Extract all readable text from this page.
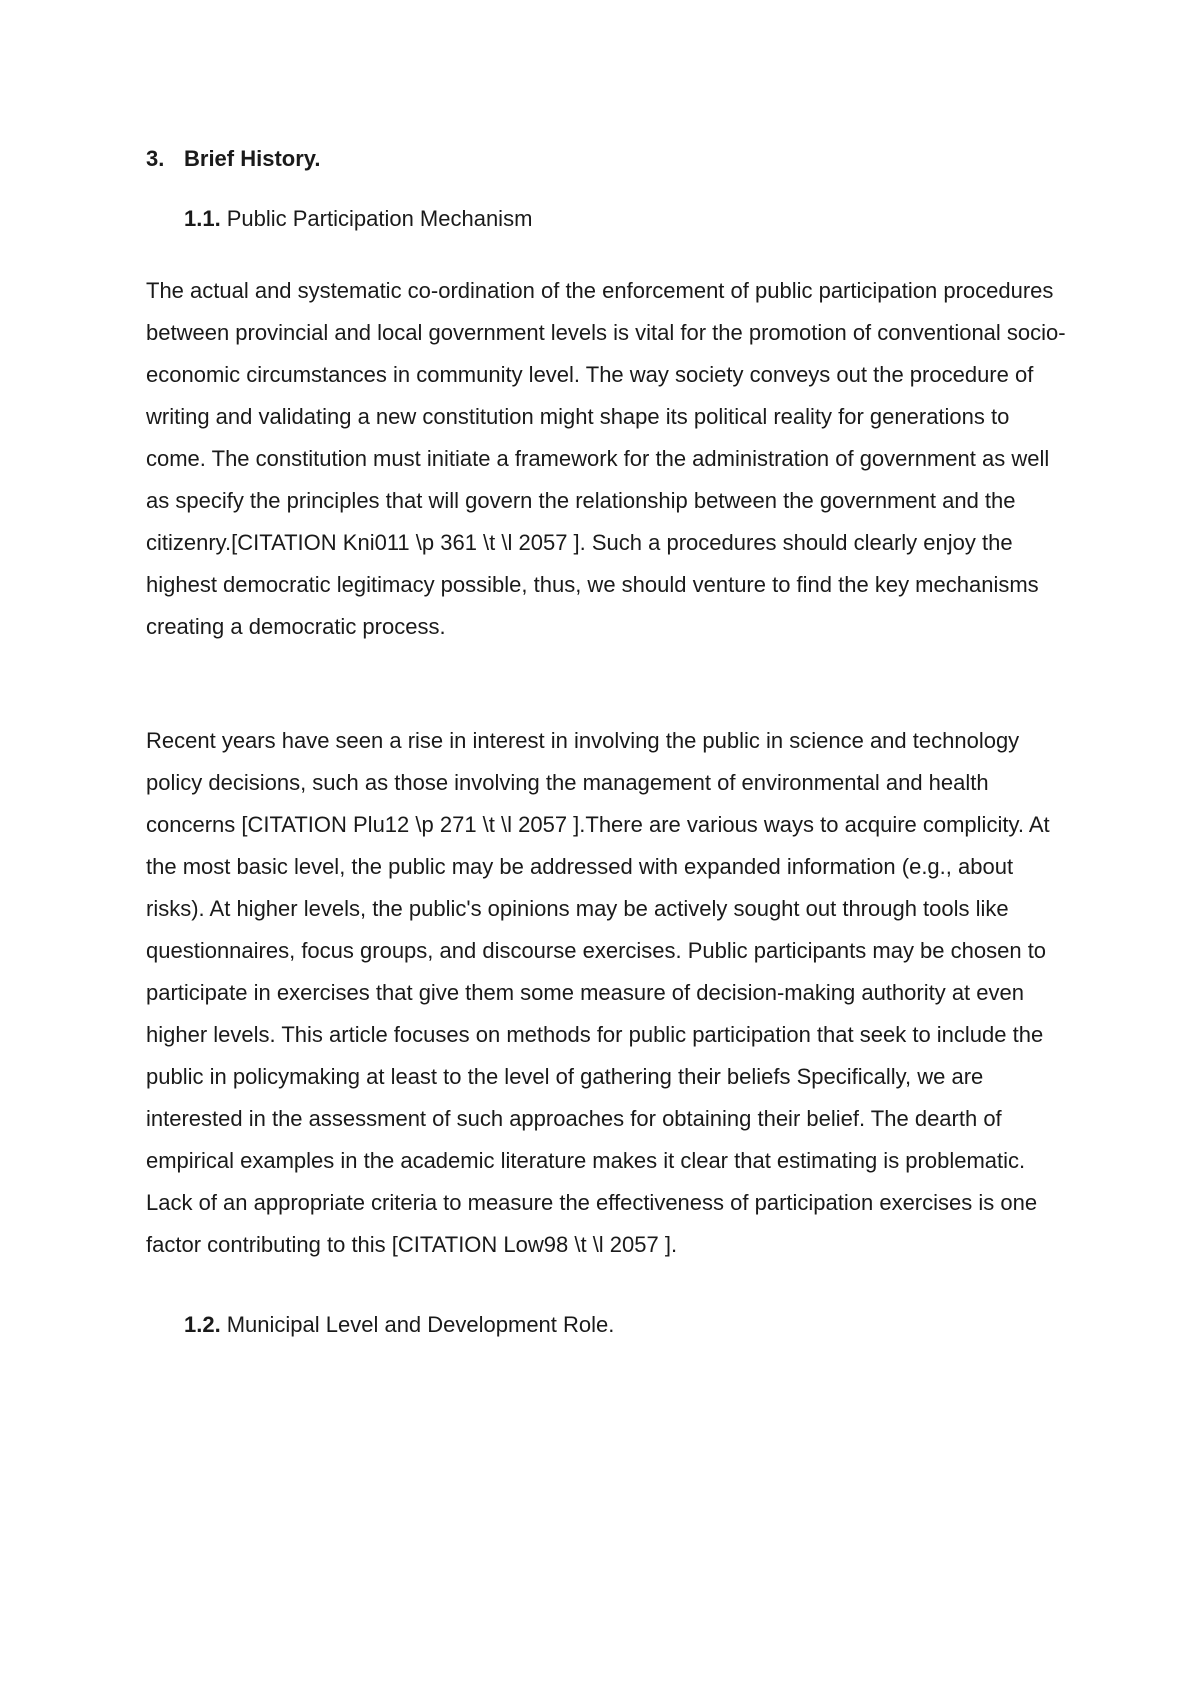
3. Brief History.
1.1. Public Participation Mechanism

The actual and systematic co-ordination of the enforcement of public participation procedures between provincial and local government levels is vital for the promotion of conventional socio-economic circumstances in community level. The way society conveys out the procedure of writing and validating a new constitution might shape its political reality for generations to come. The constitution must initiate a framework for the administration of government as well as specify the principles that will govern the relationship between the government and the citizenry.[CITATION Kni011 \p 361 \t \l 2057 ]. Such a procedures should clearly enjoy the highest democratic legitimacy possible, thus, we should venture to find the key mechanisms creating a democratic process.

Recent years have seen a rise in interest in involving the public in science and technology policy decisions, such as those involving the management of environmental and health concerns [CITATION Plu12 \p 271 \t \l 2057 ].There are various ways to acquire complicity. At the most basic level, the public may be addressed with expanded information (e.g., about risks). At higher levels, the public's opinions may be actively sought out through tools like questionnaires, focus groups, and discourse exercises. Public participants may be chosen to participate in exercises that give them some measure of decision-making authority at even higher levels. This article focuses on methods for public participation that seek to include the public in policymaking at least to the level of gathering their beliefs Specifically, we are interested in the assessment of such approaches for obtaining their belief. The dearth of empirical examples in the academic literature makes it clear that estimating is problematic. Lack of an appropriate criteria to measure the effectiveness of participation exercises is one factor contributing to this [CITATION Low98 \t \l 2057 ].

1.2. Municipal Level and Development Role.
